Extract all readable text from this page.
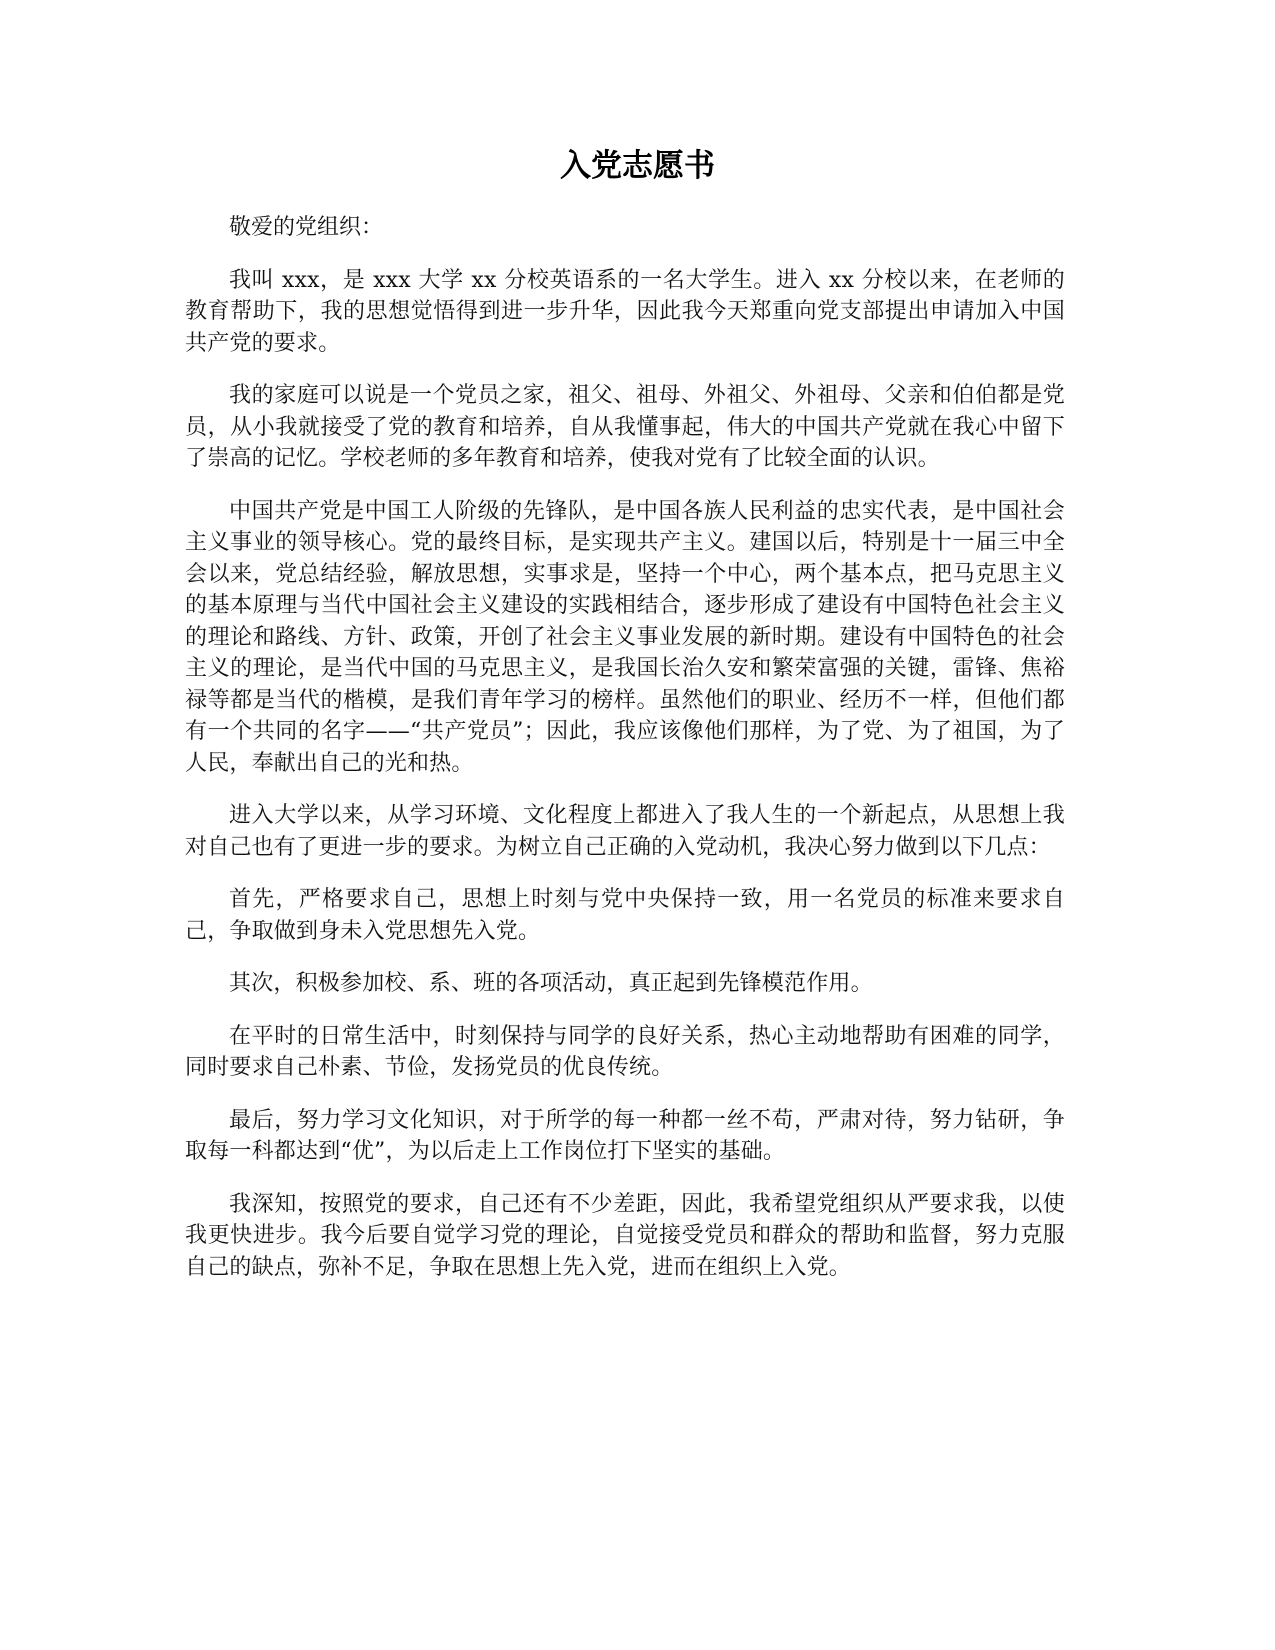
入党志愿书

敬爱的党组织：

我叫 xxx，是 xxx 大学 xx 分校英语系的一名大学生。进入 xx 分校以来，在老师的教育帮助下，我的思想觉悟得到进一步升华，因此我今天郑重向党支部提出申请加入中国共产党的要求。

我的家庭可以说是一个党员之家，祖父、祖母、外祖父、外祖母、父亲和伯伯都是党员，从小我就接受了党的教育和培养，自从我懂事起，伟大的中国共产党就在我心中留下了崇高的记忆。学校老师的多年教育和培养，使我对党有了比较全面的认识。

中国共产党是中国工人阶级的先锋队，是中国各族人民利益的忠实代表，是中国社会主义事业的领导核心。党的最终目标，是实现共产主义。建国以后，特别是十一届三中全会以来，党总结经验，解放思想，实事求是，坚持一个中心，两个基本点，把马克思主义的基本原理与当代中国社会主义建设的实践相结合，逐步形成了建设有中国特色社会主义的理论和路线、方针、政策，开创了社会主义事业发展的新时期。建设有中国特色的社会主义的理论，是当代中国的马克思主义，是我国长治久安和繁荣富强的关键，雷锋、焦裕禄等都是当代的楷模，是我们青年学习的榜样。虽然他们的职业、经历不一样，但他们都有一个共同的名字——“共产党员”；因此，我应该像他们那样，为了党、为了祖国，为了人民，奉献出自己的光和热。

进入大学以来，从学习环境、文化程度上都进入了我人生的一个新起点，从思想上我对自己也有了更进一步的要求。为树立自己正确的入党动机，我决心努力做到以下几点：

首先，严格要求自己，思想上时刻与党中央保持一致，用一名党员的标准来要求自己，争取做到身未入党思想先入党。

其次，积极参加校、系、班的各项活动，真正起到先锋模范作用。

在平时的日常生活中，时刻保持与同学的良好关系，热心主动地帮助有困难的同学，同时要求自己朴素、节俭，发扬党员的优良传统。

最后，努力学习文化知识，对于所学的每一种都一丝不苟，严肃对待，努力钻研，争取每一科都达到“优”，为以后走上工作岗位打下坚实的基础。

我深知，按照党的要求，自己还有不少差距，因此，我希望党组织从严要求我，以使我更快进步。我今后要自觉学习党的理论，自觉接受党员和群众的帮助和监督，努力克服自己的缺点，弥补不足，争取在思想上先入党，进而在组织上入党。
